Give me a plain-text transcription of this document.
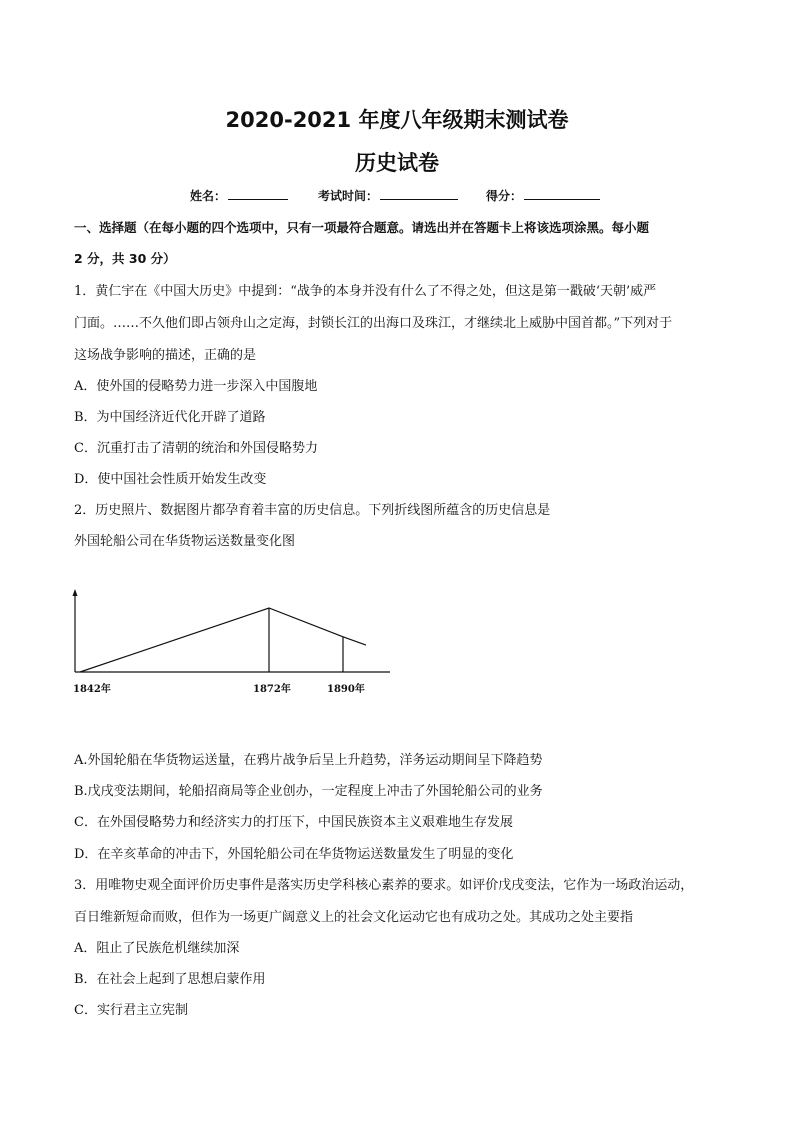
2020-2021 年度八年级期末测试卷
历史试卷
姓名：	考试时间：	得分：
一、选择题（在每小题的四个选项中，只有一项最符合题意。请选出并在答题卡上将该选项涂黑。每小题
2 分，共 30 分）
1．黄仁宇在《中国大历史》中提到：“战争的本身并没有什么了不得之处，但这是第一戳破‘天朝’威严
门面。……不久他们即占领舟山之定海，封锁长江的出海口及珠江，才继续北上威胁中国首都。”下列对于
这场战争影响的描述，正确的是
A．使外国的侵略势力进一步深入中国腹地
B．为中国经济近代化开辟了道路
C．沉重打击了清朝的统治和外国侵略势力
D．使中国社会性质开始发生改变
2．历史照片、数据图片都孕育着丰富的历史信息。下列折线图所蕴含的历史信息是
外国轮船公司在华货物运送数量变化图
1842年	1872年	1890年
A.外国轮船在华货物运送量，在鸦片战争后呈上升趋势，洋务运动期间呈下降趋势
B.戊戌变法期间，轮船招商局等企业创办，一定程度上冲击了外国轮船公司的业务
C．在外国侵略势力和经济实力的打压下，中国民族资本主义艰难地生存发展
D．在辛亥革命的冲击下，外国轮船公司在华货物运送数量发生了明显的变化
3．用唯物史观全面评价历史事件是落实历史学科核心素养的要求。如评价戊戌变法，它作为一场政治运动，
百日维新短命而败，但作为一场更广阔意义上的社会文化运动它也有成功之处。其成功之处主要指
A．阻止了民族危机继续加深
B．在社会上起到了思想启蒙作用
C．实行君主立宪制
